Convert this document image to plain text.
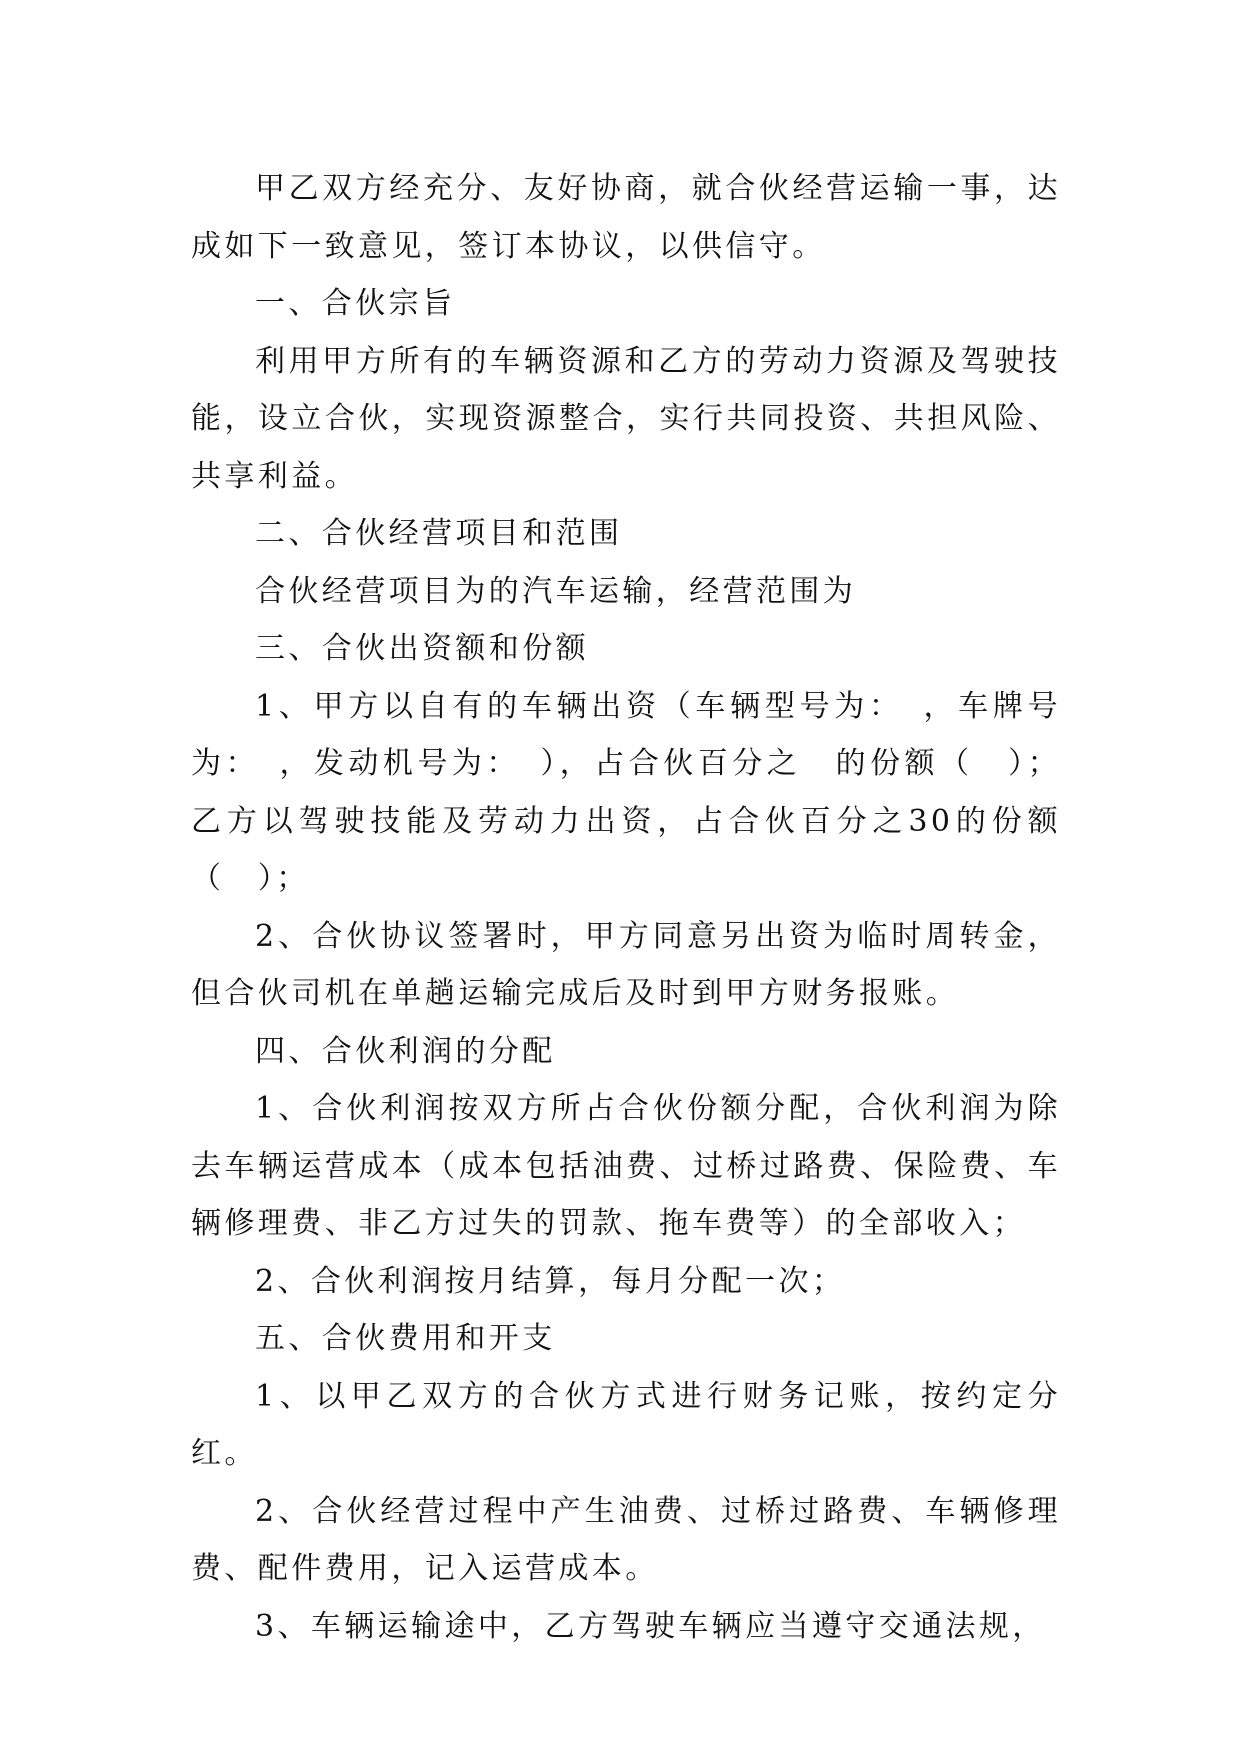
甲乙双方经充分、友好协商，就合伙经营运输一事，达成如下一致意见，签订本协议，以供信守。

一、合伙宗旨

利用甲方所有的车辆资源和乙方的劳动力资源及驾驶技能，设立合伙，实现资源整合，实行共同投资、共担风险、共享利益。

二、合伙经营项目和范围

合伙经营项目为的汽车运输，经营范围为

三、合伙出资额和份额

1、甲方以自有的车辆出资（车辆型号为：　，车牌号为：　，发动机号为：　），占合伙百分之　的份额（　）；乙方以驾驶技能及劳动力出资，占合伙百分之30的份额（　）；

2、合伙协议签署时，甲方同意另出资为临时周转金，但合伙司机在单趟运输完成后及时到甲方财务报账。

四、合伙利润的分配

1、合伙利润按双方所占合伙份额分配，合伙利润为除去车辆运营成本（成本包括油费、过桥过路费、保险费、车辆修理费、非乙方过失的罚款、拖车费等）的全部收入；

2、合伙利润按月结算，每月分配一次；

五、合伙费用和开支

1、以甲乙双方的合伙方式进行财务记账，按约定分红。

2、合伙经营过程中产生油费、过桥过路费、车辆修理费、配件费用，记入运营成本。

3、车辆运输途中，乙方驾驶车辆应当遵守交通法规，
